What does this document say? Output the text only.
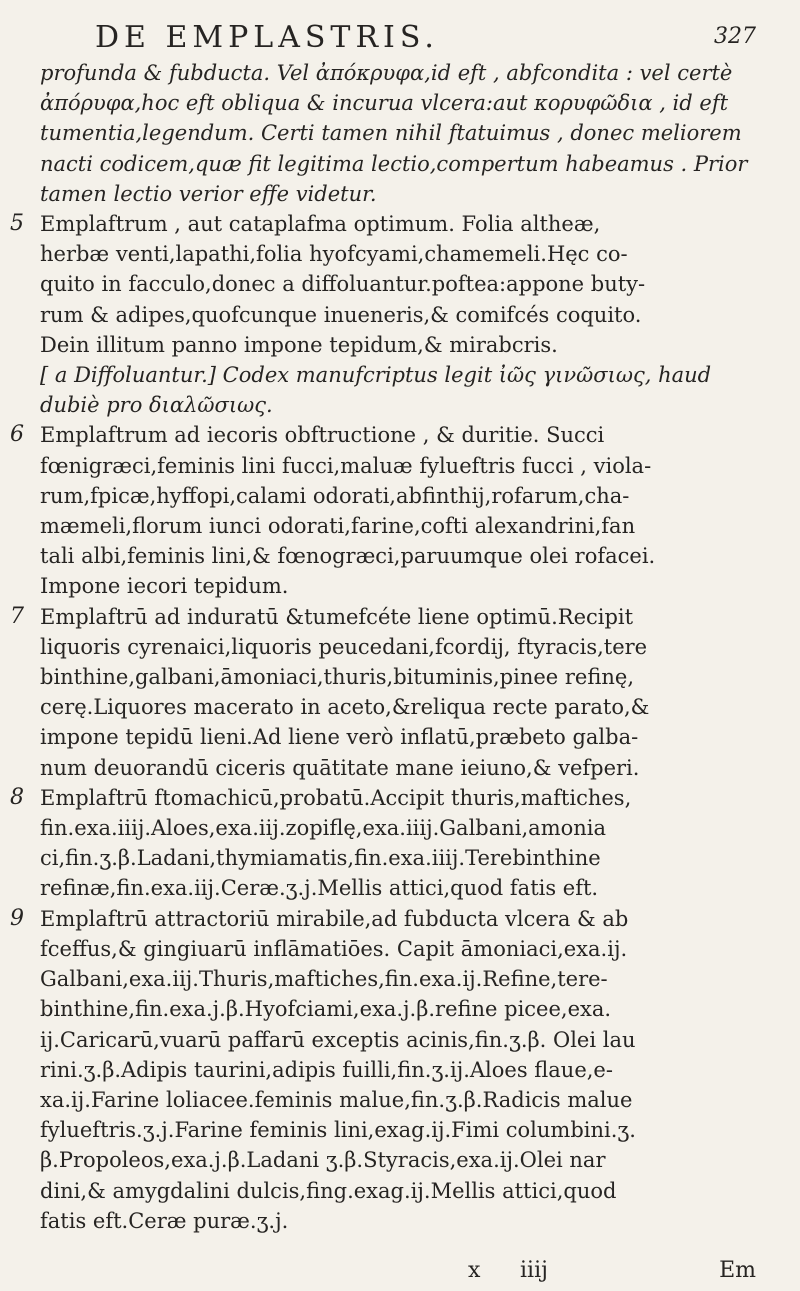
DE EMPLASTRIS.	327

profunda & fubducta. Vel ἀπόκρυφα,id eft , abfcondita : vel certè

ἀπόρυφα,hoc eft obliqua & incurua vlcera:aut κορυφῶδια , id eft

tumentia,legendum. Certi tamen nihil ftatuimus , donec meliorem

nacti codicem,quæ fit legitima lectio,compertum habeamus . Prior

tamen lectio verior effe videtur.

5 Emplaftrum , aut cataplafma optimum. Folia altheæ,

herbæ venti,lapathi,folia hyofcyami,chamemeli.Hęc co-

quito in facculo,donec a diffoluantur.poftea:appone buty-

rum & adipes,quofcunque inueneris,& comifcés coquito.

Dein illitum panno impone tepidum,& mirabcris.

[ a Diffoluantur.] Codex manufcriptus legit ἰῶς γινῶσιως, haud

dubiè pro διαλῶσιως.

6 Emplaftrum ad iecoris obftructione , & duritie. Succi

fœnigræci,feminis lini fucci,maluæ fylueftris fucci , viola-

rum,fpicæ,hyffopi,calami odorati,abfinthij,rofarum,cha-

mæmeli,florum iunci odorati,farine,cofti alexandrini,fan

tali albi,feminis lini,& fœnogræci,paruumque olei rofacei.

Impone iecori tepidum.

7 Emplaftrū ad induratū &tumefcéte liene optimū.Recipit

liquoris cyrenaici,liquoris peucedani,fcordij, ftyracis,tere

binthine,galbani,āmoniaci,thuris,bituminis,pinee refinę,

cerę.Liquores macerato in aceto,&reliqua recte parato,&

impone tepidū lieni.Ad liene verò inflatū,præbeto galba-

num deuorandū ciceris quātitate mane ieiuno,& vefperi.

8 Emplaftrū ftomachicū,probatū.Accipit thuris,maftiches,

fin.exa.iiij.Aloes,exa.iij.zopiflę,exa.iiij.Galbani,amonia

ci,fin.ʒ.β.Ladani,thymiamatis,fin.exa.iiij.Terebinthine

refinæ,fin.exa.iij.Ceræ.ʒ.j.Mellis attici,quod fatis eft.

9 Emplaftrū attractoriū mirabile,ad fubducta vlcera & ab

fceffus,& gingiuarū inflāmatiōes. Capit āmoniaci,exa.ij.

Galbani,exa.iij.Thuris,maftiches,fin.exa.ij.Refine,tere-

binthine,fin.exa.j.β.Hyofciami,exa.j.β.refine picee,exa.

ij.Caricarū,vuarū paffarū exceptis acinis,fin.ʒ.β. Olei lau

rini.ʒ.β.Adipis taurini,adipis fuilli,fin.ʒ.ij.Aloes flaue,e-

xa.ij.Farine loliacee.feminis malue,fin.ʒ.β.Radicis malue

fylueftris.ʒ.j.Farine feminis lini,exag.ij.Fimi columbini.ʒ.

β.Propoleos,exa.j.β.Ladani ʒ.β.Styracis,exa.ij.Olei nar

dini,& amygdalini dulcis,fing.exag.ij.Mellis attici,quod

fatis eft.Ceræ puræ.ʒ.j.

x iiij	Em
